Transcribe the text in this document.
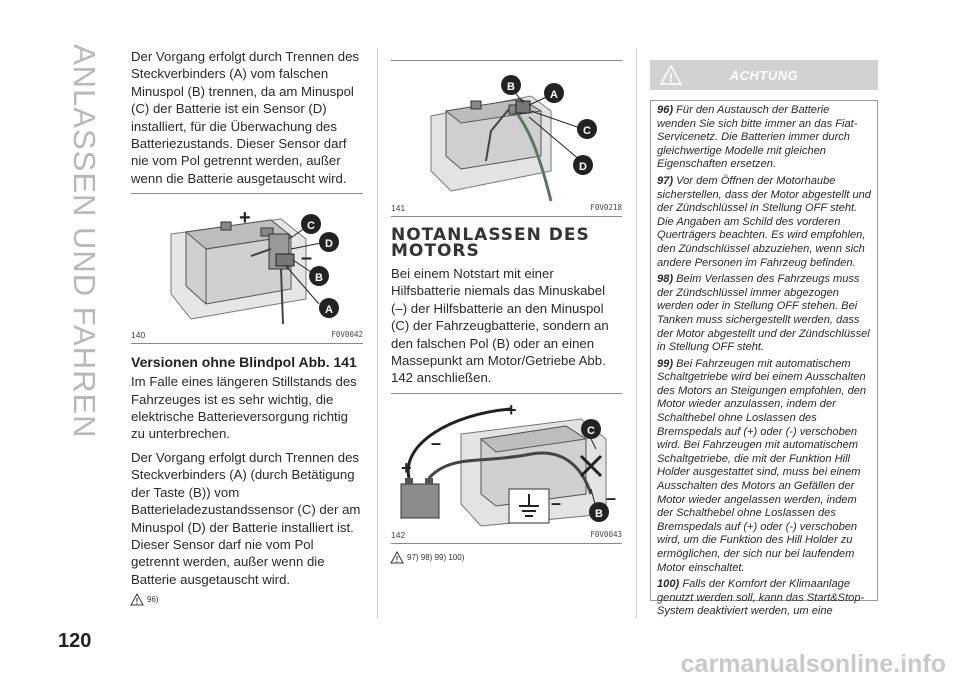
ANLASSEN UND FAHREN Der Vorgang erfolgt durch Trennen des Steckverbinders (A) vom falschen Minuspol (B) trennen, da am Minuspol (C) der Batterie ist ein Sensor (D) installiert, für die Überwachung des Batteriezustands. Dieser Sensor darf nie vom Pol getrennt werden, außer wenn die Batterie ausgetauscht wird.

+
–
C
D
B
A
140	F0V0042
Versionen ohne Blindpol Abb. 141

Im Falle eines längeren Stillstands des Fahrzeuges ist es sehr wichtig, die elektrische Batterieversorgung richtig zu unterbrechen.

Der Vorgang erfolgt durch Trennen des Steckverbinders (A) (durch Betätigung der Taste (B)) vom Batterieladezustandssensor (C) der am Minuspol (D) der Batterie installiert ist. Dieser Sensor darf nie vom Pol getrennt werden, außer wenn die Batterie ausgetauscht wird.

! 96)
B
A
C
D
141	F0V0218
NOTANLASSEN DES
MOTORS

Bei einem Notstart mit einer Hilfsbatterie niemals das Minuskabel (–) der Hilfsbatterie an den Minuspol (C) der Fahrzeugbatterie, sondern an den falschen Pol (B) oder an einen Massepunkt am Motor/Getriebe Abb. 142 anschließen.

+
–
+
– –
C
B
142	F0V0043
! 97) 98) 99) 100)
!	ACHTUNG

96) Für den Austausch der Batterie wenden Sie sich bitte immer an das Fiat-Servicenetz. Die Batterien immer durch gleichwertige Modelle mit gleichen Eigenschaften ersetzen.

97) Vor dem Öffnen der Motorhaube sicherstellen, dass der Motor abgestellt und der Zündschlüssel in Stellung OFF steht. Die Angaben am Schild des vorderen Querträgers beachten. Es wird empfohlen, den Zündschlüssel abzuziehen, wenn sich andere Personen im Fahrzeug befinden.

98) Beim Verlassen des Fahrzeugs muss der Zündschlüssel immer abgezogen werden oder in Stellung OFF stehen. Bei Tanken muss sichergestellt werden, dass der Motor abgestellt und der Zündschlüssel in Stellung OFF steht.

99) Bei Fahrzeugen mit automatischem Schaltgetriebe wird bei einem Ausschalten des Motors an Steigungen empfohlen, den Motor wieder anzulassen, indem der Schalthebel ohne Loslassen des Bremspedals auf (+) oder (-) verschoben wird. Bei Fahrzeugen mit automatischem Schaltgetriebe, die mit der Funktion Hill Holder ausgestattet sind, muss bei einem Ausschalten des Motors an Gefällen der Motor wieder angelassen werden, indem der Schalthebel ohne Loslassen des Bremspedals auf (+) oder (-) verschoben wird, um die Funktion des Hill Holder zu ermöglichen, der sich nur bei laufendem Motor einschaltet.

100) Falls der Komfort der Klimaanlage genutzt werden soll, kann das Start&Stop-System deaktiviert werden, um eine

120
carmanualsonline.info
